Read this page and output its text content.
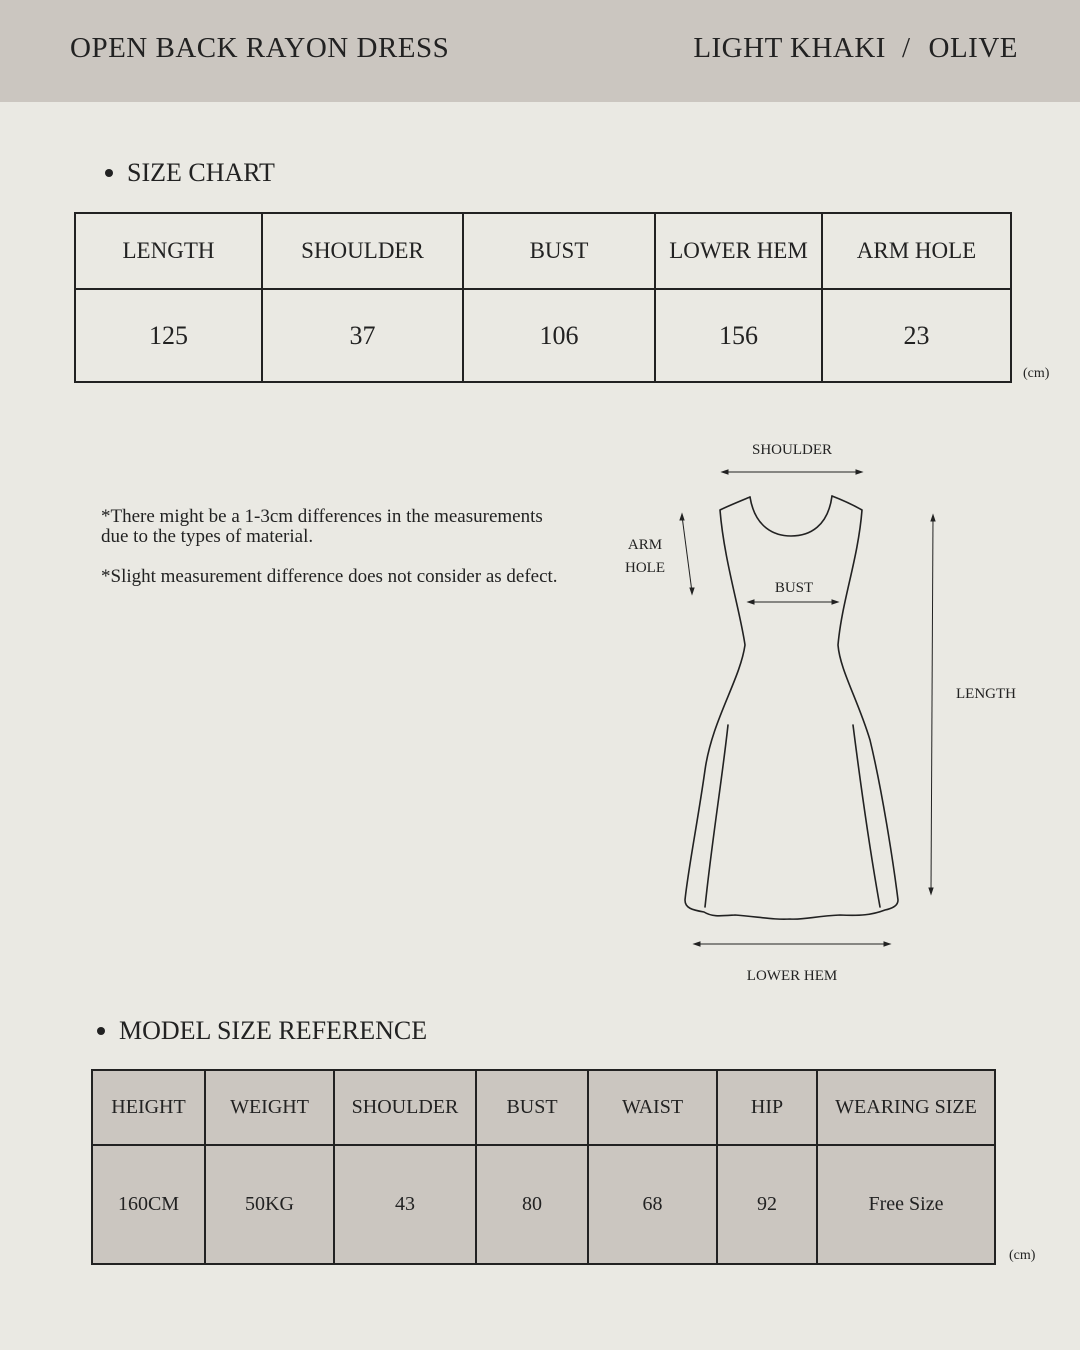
OPEN BACK RAYON DRESS	LIGHT KHAKI / OLIVE
SIZE CHART
LENGTH	SHOULDER	BUST	LOWER HEM	ARM HOLE
125	37	106	156	23
(cm)

*There might be a 1-3cm differences in the measurements due to the types of material.

*Slight measurement difference does not consider as defect.

SHOULDER
ARM
HOLE
BUST
LENGTH
LOWER HEM
MODEL SIZE REFERENCE
HEIGHT	WEIGHT	SHOULDER	BUST	WAIST	HIP	WEARING SIZE
160CM	50KG	43	80	68	92	Free Size
(cm)
